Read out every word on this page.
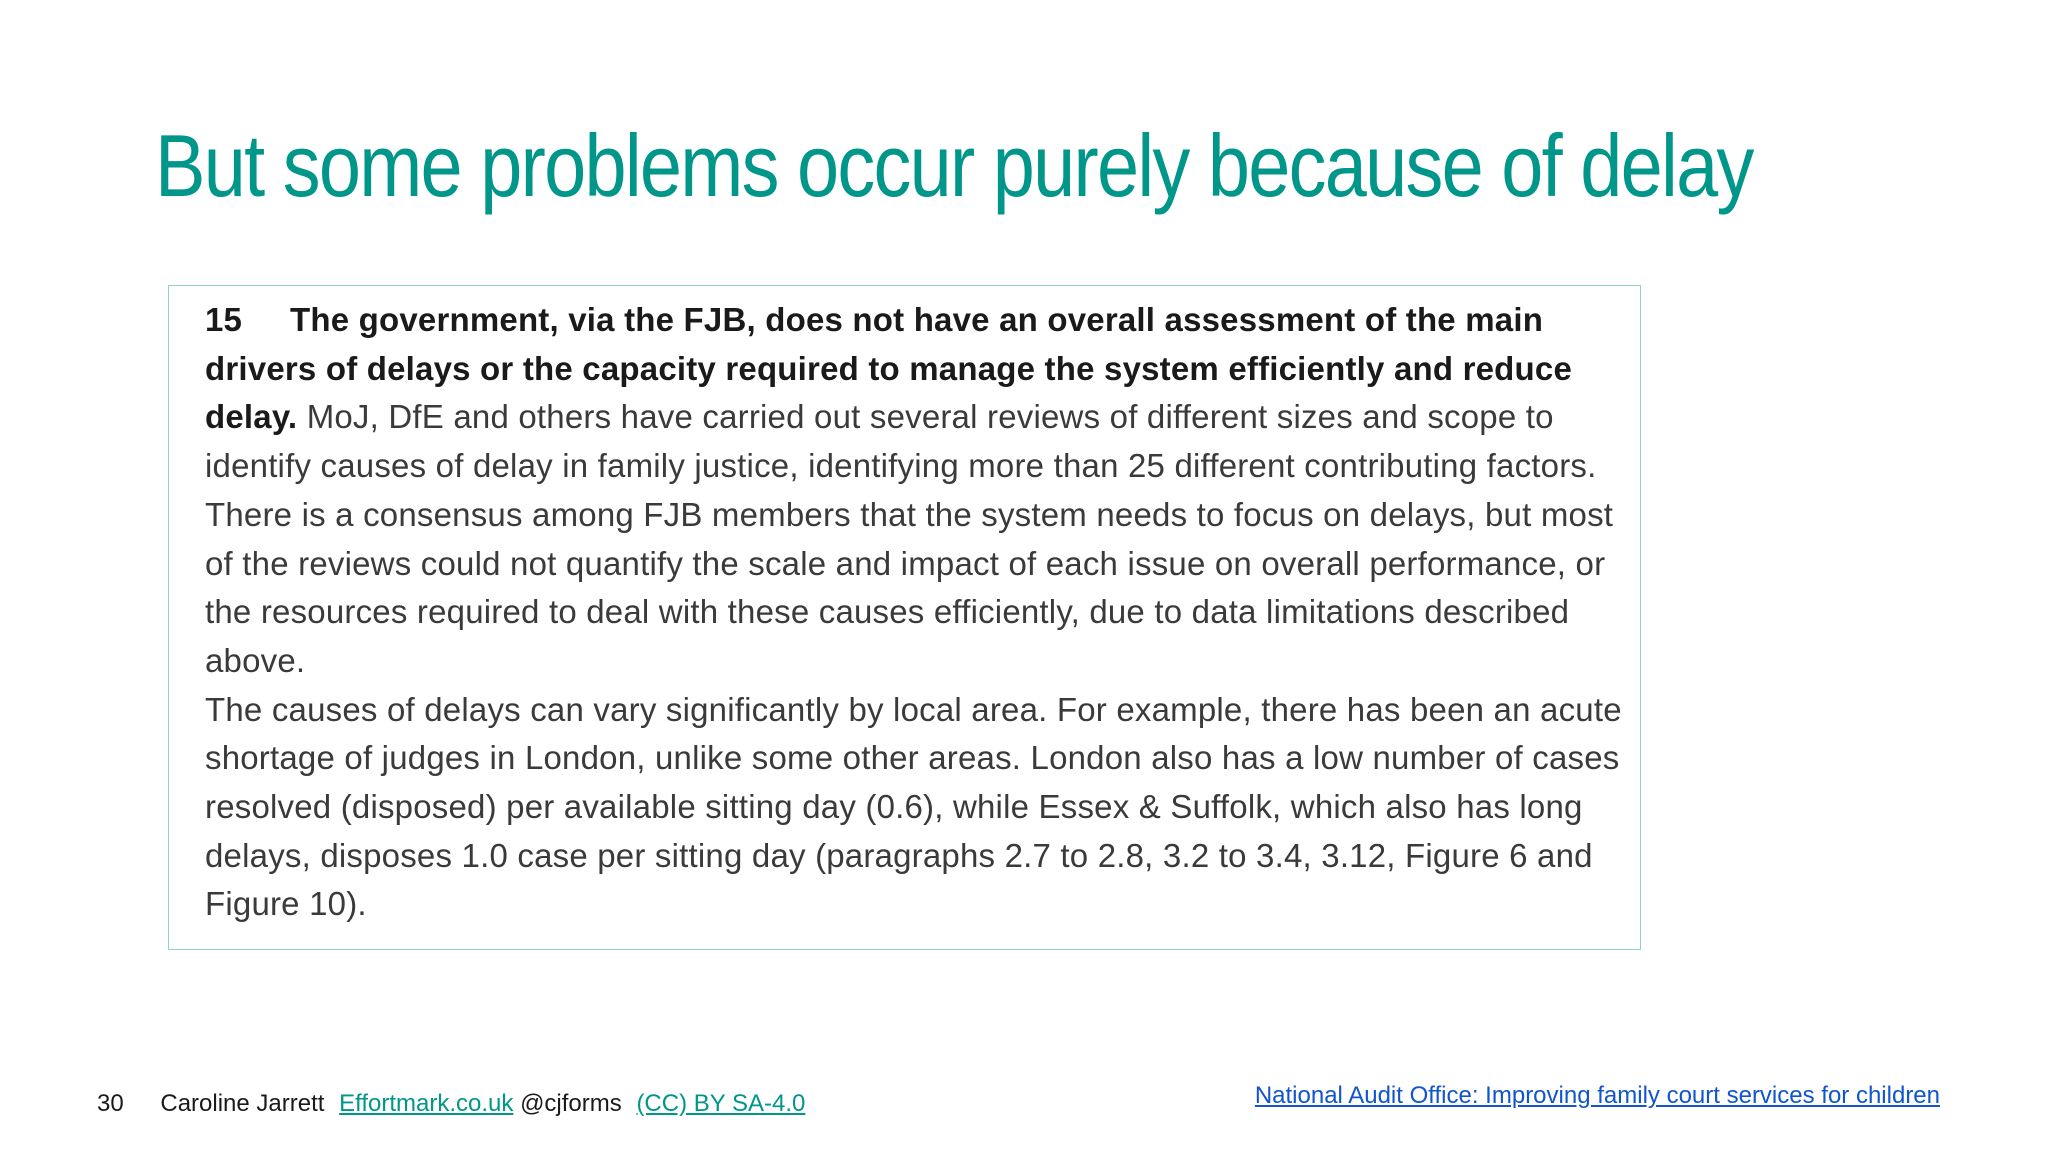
But some problems occur purely because of delay

15 The government, via the FJB, does not have an overall assessment of the main drivers of delays or the capacity required to manage the system efficiently and reduce delay. MoJ, DfE and others have carried out several reviews of different sizes and scope to identify causes of delay in family justice, identifying more than 25 different contributing factors. There is a consensus among FJB members that the system needs to focus on delays, but most of the reviews could not quantify the scale and impact of each issue on overall performance, or the resources required to deal with these causes efficiently, due to data limitations described above.
The causes of delays can vary significantly by local area. For example, there has been an acute shortage of judges in London, unlike some other areas. London also has a low number of cases resolved (disposed) per available sitting day (0.6), while Essex & Suffolk, which also has long delays, disposes 1.0 case per sitting day (paragraphs 2.7 to 2.8, 3.2 to 3.4, 3.12, Figure 6 and Figure 10).

30 Caroline Jarrett Effortmark.co.uk @cjforms (CC) BY SA-4.0	National Audit Office: Improving family court services for children
